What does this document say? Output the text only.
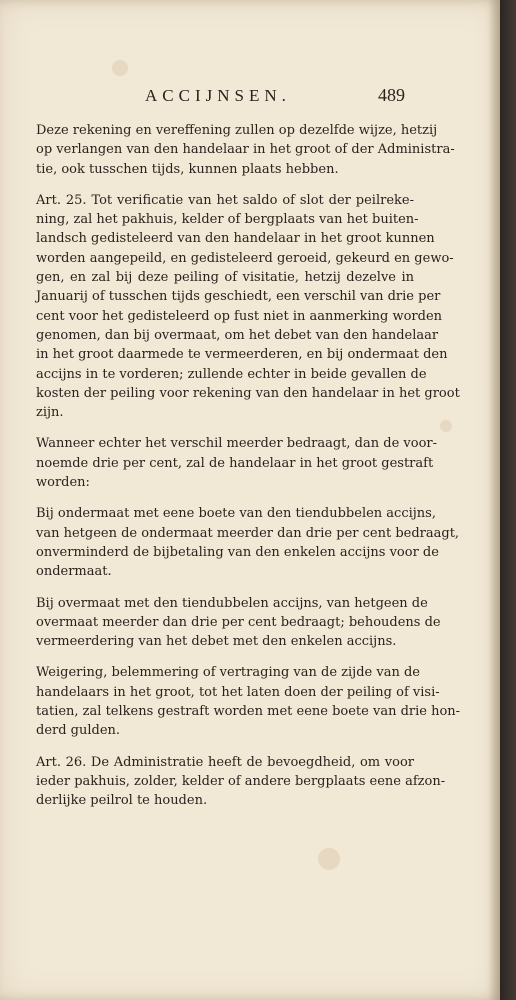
ACCIJNSEN.	489

Deze rekening en vereffening zullen op dezelfde wijze, hetzij
op verlangen van den handelaar in het groot of der Administra-
tie, ook tusschen tijds, kunnen plaats hebben.

Art. 25. Tot verificatie van het saldo of slot der peilreke-
ning, zal het pakhuis, kelder of bergplaats van het buiten-
landsch gedisteleerd van den handelaar in het groot kunnen
worden aangepeild, en gedisteleerd geroeid, gekeurd en gewo-
gen, en zal bij deze peiling of visitatie, hetzij dezelve in
Januarij of tusschen tijds geschiedt, een verschil van drie per
cent voor het gedisteleerd op fust niet in aanmerking worden
genomen, dan bij overmaat, om het debet van den handelaar
in het groot daarmede te vermeerderen, en bij ondermaat den
accijns in te vorderen; zullende echter in beide gevallen de
kosten der peiling voor rekening van den handelaar in het groot
zijn.

Wanneer echter het verschil meerder bedraagt, dan de voor-
noemde drie per cent, zal de handelaar in het groot gestraft
worden:

Bij ondermaat met eene boete van den tiendubbelen accijns,
van hetgeen de ondermaat meerder dan drie per cent bedraagt,
onverminderd de bijbetaling van den enkelen accijns voor de
ondermaat.

Bij overmaat met den tiendubbelen accijns, van hetgeen de
overmaat meerder dan drie per cent bedraagt; behoudens de
vermeerdering van het debet met den enkelen accijns.

Weigering, belemmering of vertraging van de zijde van de
handelaars in het groot, tot het laten doen der peiling of visi-
tatien, zal telkens gestraft worden met eene boete van drie hon-
derd gulden.

Art. 26. De Administratie heeft de bevoegdheid, om voor
ieder pakhuis, zolder, kelder of andere bergplaats eene afzon-
derlijke peilrol te houden.
